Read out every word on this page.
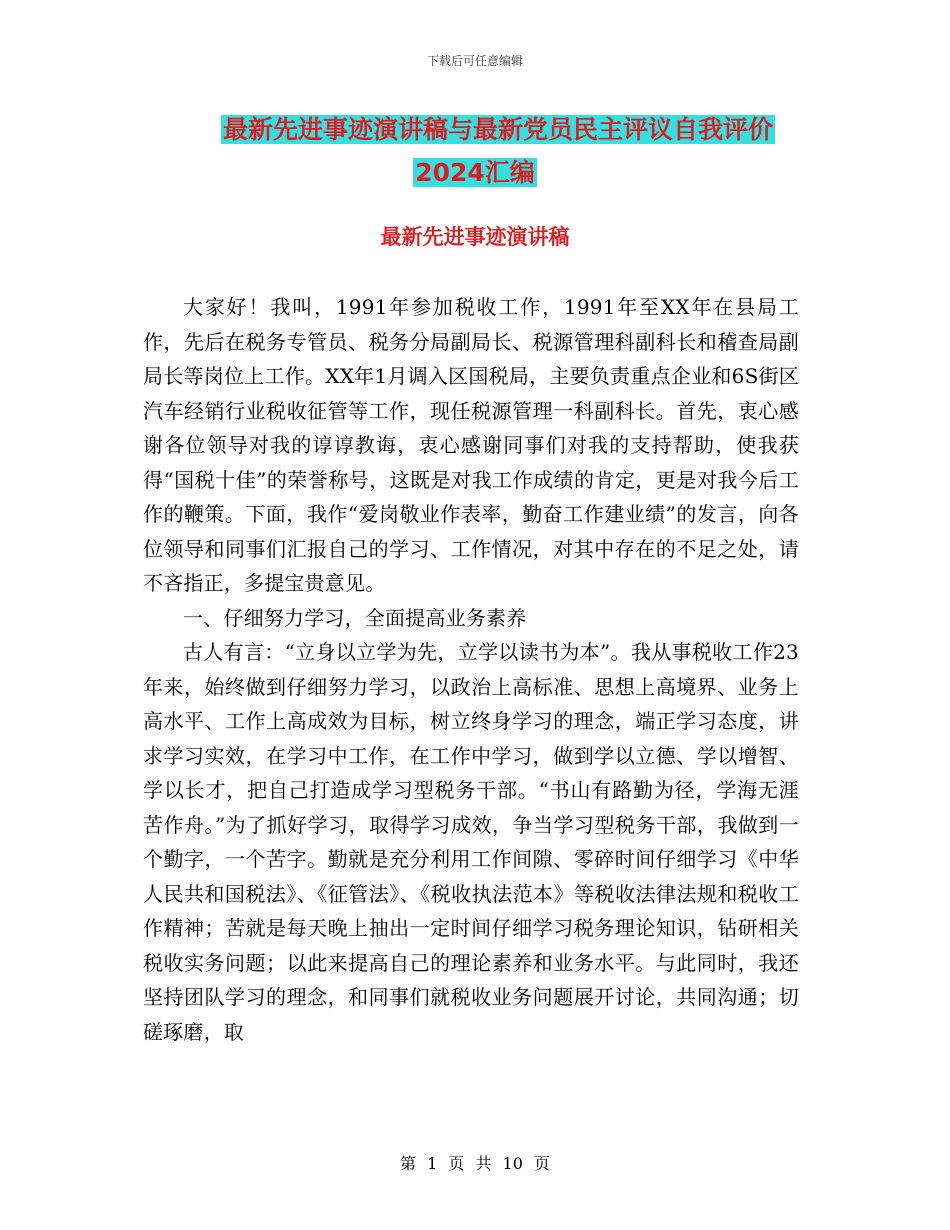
下载后可任意编辑
最新先进事迹演讲稿与最新党员民主评议自我评价
2024汇编
最新先进事迹演讲稿

大家好！我叫，1991年参加税收工作，1991年至XX年在县局工作，先后在税务专管员、税务分局副局长、税源管理科副科长和稽查局副局长等岗位上工作。XX年1月调入区国税局，主要负责重点企业和6S街区汽车经销行业税收征管等工作，现任税源管理一科副科长。首先，衷心感谢各位领导对我的谆谆教诲，衷心感谢同事们对我的支持帮助，使我获得“国税十佳”的荣誉称号，这既是对我工作成绩的肯定，更是对我今后工作的鞭策。下面，我作“爱岗敬业作表率，勤奋工作建业绩”的发言，向各位领导和同事们汇报自己的学习、工作情况，对其中存在的不足之处，请不吝指正，多提宝贵意见。

一、仔细努力学习，全面提高业务素养

古人有言：“立身以立学为先，立学以读书为本”。我从事税收工作23年来，始终做到仔细努力学习，以政治上高标准、思想上高境界、业务上高水平、工作上高成效为目标，树立终身学习的理念，端正学习态度，讲求学习实效，在学习中工作，在工作中学习，做到学以立德、学以增智、学以长才，把自己打造成学习型税务干部。“书山有路勤为径，学海无涯苦作舟。”为了抓好学习，取得学习成效，争当学习型税务干部，我做到一个勤字，一个苦字。勤就是充分利用工作间隙、零碎时间仔细学习《中华人民共和国税法》、《征管法》、《税收执法范本》等税收法律法规和税收工作精神；苦就是每天晚上抽出一定时间仔细学习税务理论知识，钻研相关税收实务问题；以此来提高自己的理论素养和业务水平。与此同时，我还坚持团队学习的理念，和同事们就税收业务问题展开讨论，共同沟通；切磋琢磨，取

第 1 页 共 10 页
